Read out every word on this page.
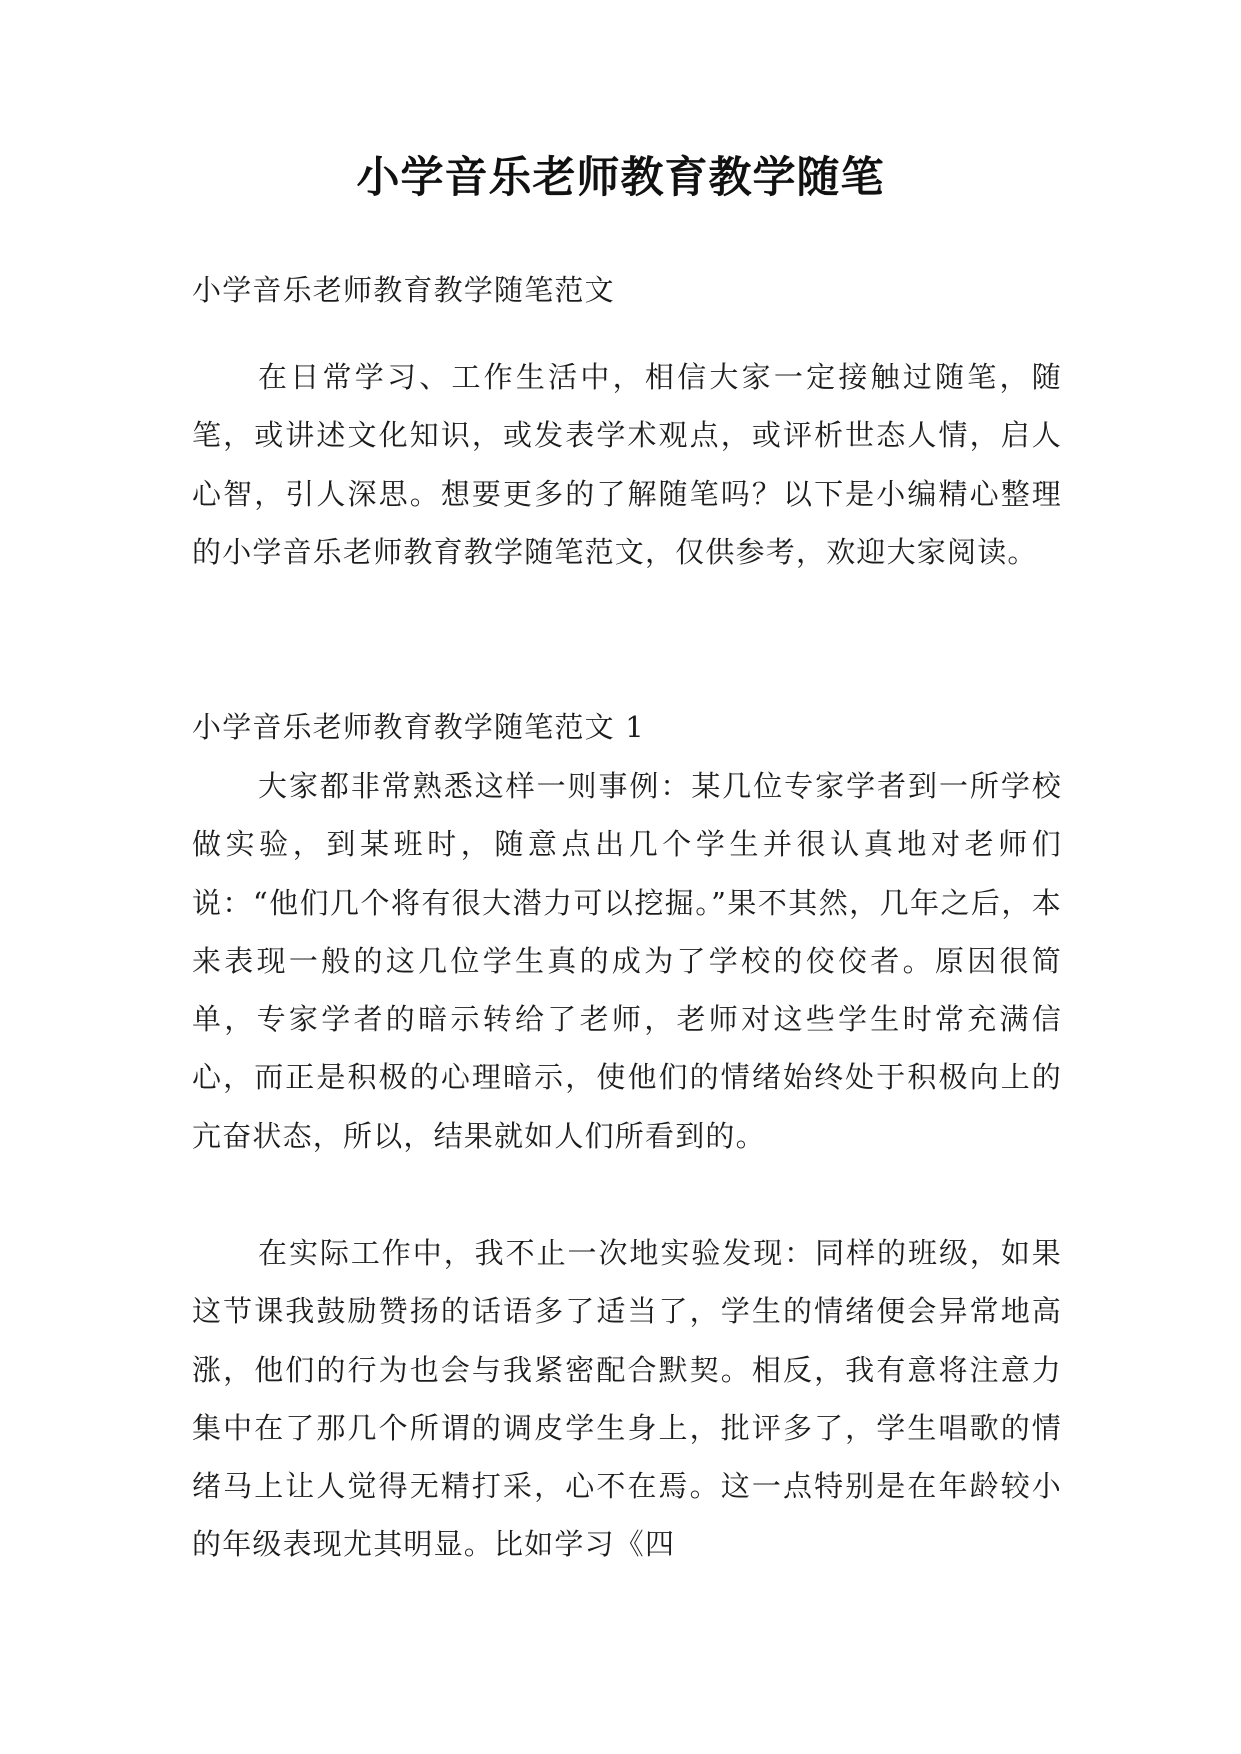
小学音乐老师教育教学随笔

小学音乐老师教育教学随笔范文

在日常学习、工作生活中，相信大家一定接触过随笔，随笔，或讲述文化知识，或发表学术观点，或评析世态人情，启人心智，引人深思。想要更多的了解随笔吗？以下是小编精心整理的小学音乐老师教育教学随笔范文，仅供参考，欢迎大家阅读。

小学音乐老师教育教学随笔范文 1

大家都非常熟悉这样一则事例：某几位专家学者到一所学校做实验，到某班时，随意点出几个学生并很认真地对老师们说：“他们几个将有很大潜力可以挖掘。”果不其然，几年之后，本来表现一般的这几位学生真的成为了学校的佼佼者。原因很简单，专家学者的暗示转给了老师，老师对这些学生时常充满信心，而正是积极的心理暗示，使他们的情绪始终处于积极向上的亢奋状态，所以，结果就如人们所看到的。

在实际工作中，我不止一次地实验发现：同样的班级，如果这节课我鼓励赞扬的话语多了适当了，学生的情绪便会异常地高涨，他们的行为也会与我紧密配合默契。相反，我有意将注意力集中在了那几个所谓的调皮学生身上，批评多了，学生唱歌的情绪马上让人觉得无精打采，心不在焉。这一点特别是在年龄较小的年级表现尤其明显。比如学习《四
